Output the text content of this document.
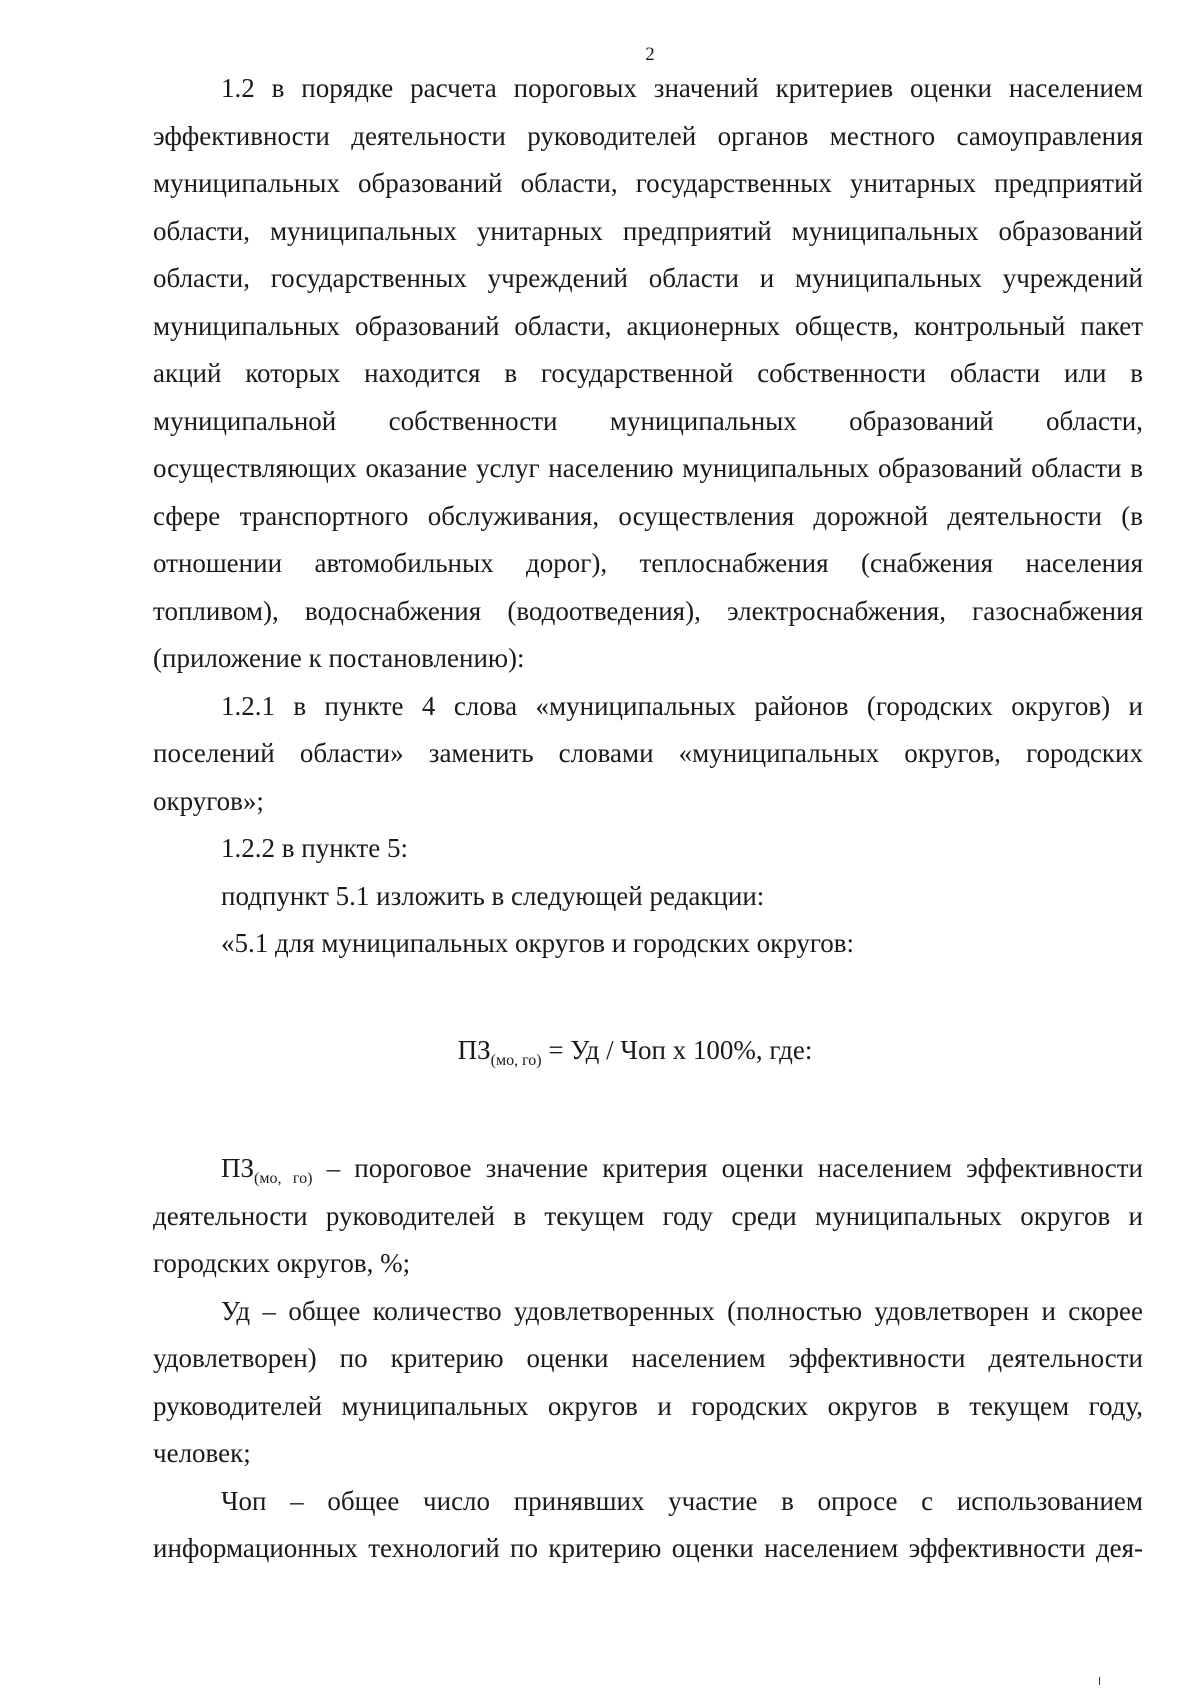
2

1.2 в порядке расчета пороговых значений критериев оценки населением эффективности деятельности руководителей органов местного самоуправления муниципальных образований области, государственных унитарных предприятий области, муниципальных унитарных предприятий муниципальных образований области, государственных учреждений области и муниципальных учреждений муниципальных образований области, акционерных обществ, контрольный пакет акций которых находится в государственной собственности области или в муниципальной собственности муниципальных образований области, осуществляющих оказание услуг населению муниципальных образований области в сфере транспортного обслуживания, осуществления дорожной деятельности (в отношении автомобильных дорог), теплоснабжения (снабжения населения топливом), водоснабжения (водоотведения), электроснабжения, газоснабжения (приложение к постановлению):

1.2.1 в пункте 4 слова «муниципальных районов (городских округов) и поселений области» заменить словами «муниципальных округов, городских округов»;

1.2.2 в пункте 5:

подпункт 5.1 изложить в следующей редакции:

«5.1 для муниципальных округов и городских округов:

$ПЗ_{(мо, го)}$ = Уд / Чоп x 100%, где:

$ПЗ_{(мо, го)}$ – пороговое значение критерия оценки населением эффективности деятельности руководителей в текущем году среди муниципальных округов и городских округов, %;

Уд – общее количество удовлетворенных (полностью удовлетворен и скорее удовлетворен) по критерию оценки населением эффективности деятельности руководителей муниципальных округов и городских округов в текущем году, человек;

Чоп – общее число принявших участие в опросе с использованием информационных технологий по критерию оценки населением эффективности дея-
